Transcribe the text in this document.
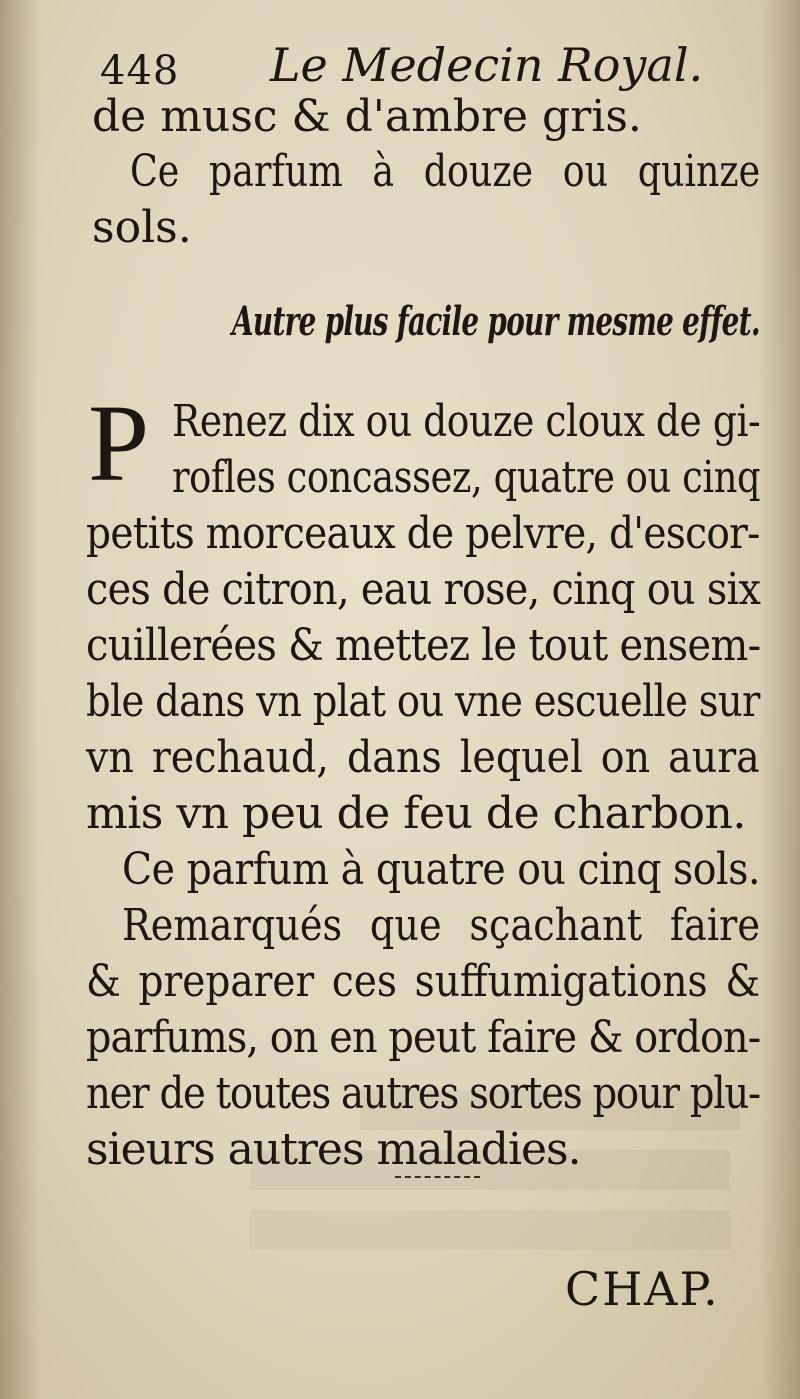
448 Le Medecin Royal.
de musc & d'ambre gris.
Ce parfum à douze ou quinze
sols.
Autre plus facile pour mesme effet.
P Renez dix ou douze cloux de gi-
rofles concassez, quatre ou cinq
petits morceaux de pelvre, d'escor-
ces de citron, eau rose, cinq ou six
cuillerées & mettez le tout ensem-
ble dans vn plat ou vne escuelle sur
vn rechaud, dans lequel on aura
mis vn peu de feu de charbon.
Ce parfum à quatre ou cinq sols.
Remarqués que sçachant faire
& preparer ces suffumigations &
parfums, on en peut faire & ordon-
ner de toutes autres sortes pour plu-
sieurs autres maladies.
CHAP.
